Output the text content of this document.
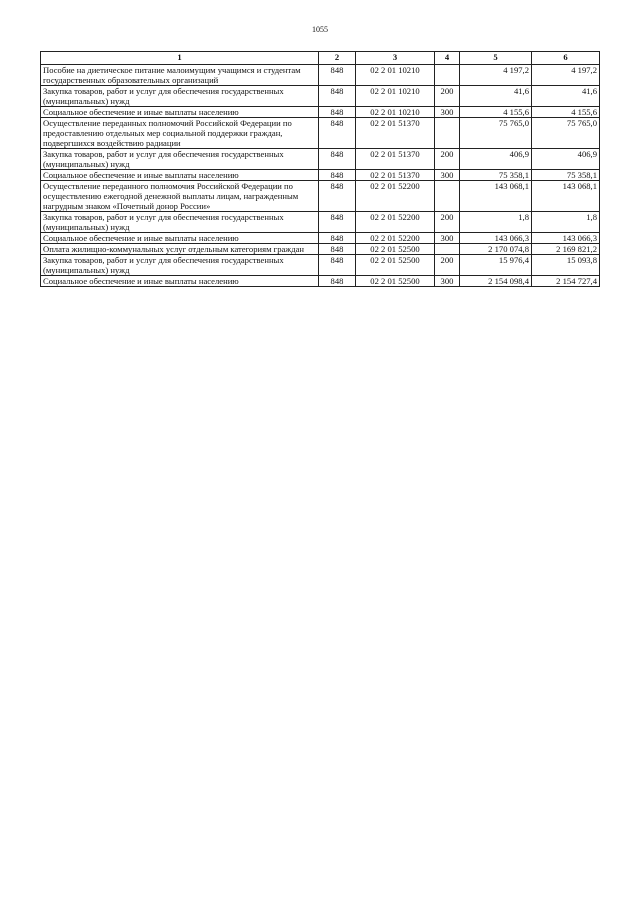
1055
1	2	3	4	5	6
Пособие на диетическое питание малоимущим учащимся и студентам государственных образовательных организаций	848	02 2 01 10210		4 197,2	4 197,2
Закупка товаров, работ и услуг для обеспечения государственных (муниципальных) нужд	848	02 2 01 10210	200	41,6	41,6
Социальное обеспечение и иные выплаты населению	848	02 2 01 10210	300	4 155,6	4 155,6
Осуществление переданных полномочий Российской Федерации по предоставлению отдельных мер социальной поддержки граждан, подвергшихся воздействию радиации	848	02 2 01 51370		75 765,0	75 765,0
Закупка товаров, работ и услуг для обеспечения государственных (муниципальных) нужд	848	02 2 01 51370	200	406,9	406,9
Социальное обеспечение и иные выплаты населению	848	02 2 01 51370	300	75 358,1	75 358,1
Осуществление переданного полномочия Российской Федерации по осуществлению ежегодной денежной выплаты лицам, награжденным нагрудным знаком «Почетный донор России»	848	02 2 01 52200		143 068,1	143 068,1
Закупка товаров, работ и услуг для обеспечения государственных (муниципальных) нужд	848	02 2 01 52200	200	1,8	1,8
Социальное обеспечение и иные выплаты населению	848	02 2 01 52200	300	143 066,3	143 066,3
Оплата жилищно-коммунальных услуг отдельным категориям граждан	848	02 2 01 52500		2 170 074,8	2 169 821,2
Закупка товаров, работ и услуг для обеспечения государственных (муниципальных) нужд	848	02 2 01 52500	200	15 976,4	15 093,8
Социальное обеспечение и иные выплаты населению	848	02 2 01 52500	300	2 154 098,4	2 154 727,4
